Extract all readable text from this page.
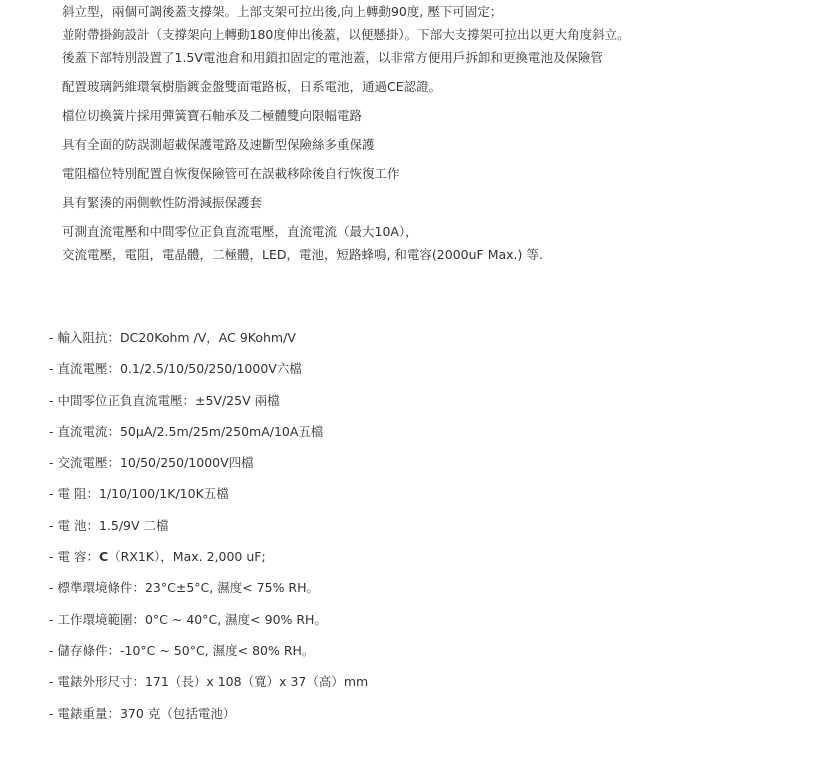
斜立型，兩個可調後蓋支撐架。上部支架可拉出後,向上轉動90度, 壓下可固定；
並附帶掛鉤設計（支撐架向上轉動180度伸出後蓋，以便懸掛）。下部大支撐架可拉出以更大角度斜立。
後蓋下部特別設置了1.5V電池倉和用鎖扣固定的電池蓋，以非常方便用戶拆卸和更換電池及保險管
配置玻璃鈣維環氧樹脂鍍金盤雙面電路板，日系電池，通過CE認證。
檔位切換簧片採用彈簧寶石軸承及二極體雙向限幅電路
具有全面的防誤測超載保護電路及速斷型保險絲多重保護
電阻檔位特別配置自恢復保險管可在誤載移除後自行恢復工作
具有緊湊的兩側軟性防滑減振保護套
可測直流電壓和中間零位正負直流電壓，直流電流（最大10A），
交流電壓，電阻，電晶體，二極體，LED，電池，短路蜂鳴, 和電容(2000uF Max.) 等.
- 輸入阻抗：DC20Kohm /V，AC 9Kohm/V
- 直流電壓：0.1/2.5/10/50/250/1000V六檔
- 中間零位正負直流電壓：±5V/25V 兩檔
- 直流電流：50μA/2.5m/25m/250mA/10A五檔
- 交流電壓：10/50/250/1000V四檔
- 電 阻：1/10/100/1K/10K五檔
- 電 池：1.5/9V 二檔
- 電 容：C（RX1K），Max. 2,000 uF;
- 標準環境條件：23°C±5°C, 濕度< 75% RH。
- 工作環境範圍：0°C ~ 40°C, 濕度< 90% RH。
- 儲存條件：-10°C ~ 50°C, 濕度< 80% RH。
- 電錶外形尺寸：171（長）x 108（寬）x 37（高）mm
- 電錶重量：370 克（包括電池）
